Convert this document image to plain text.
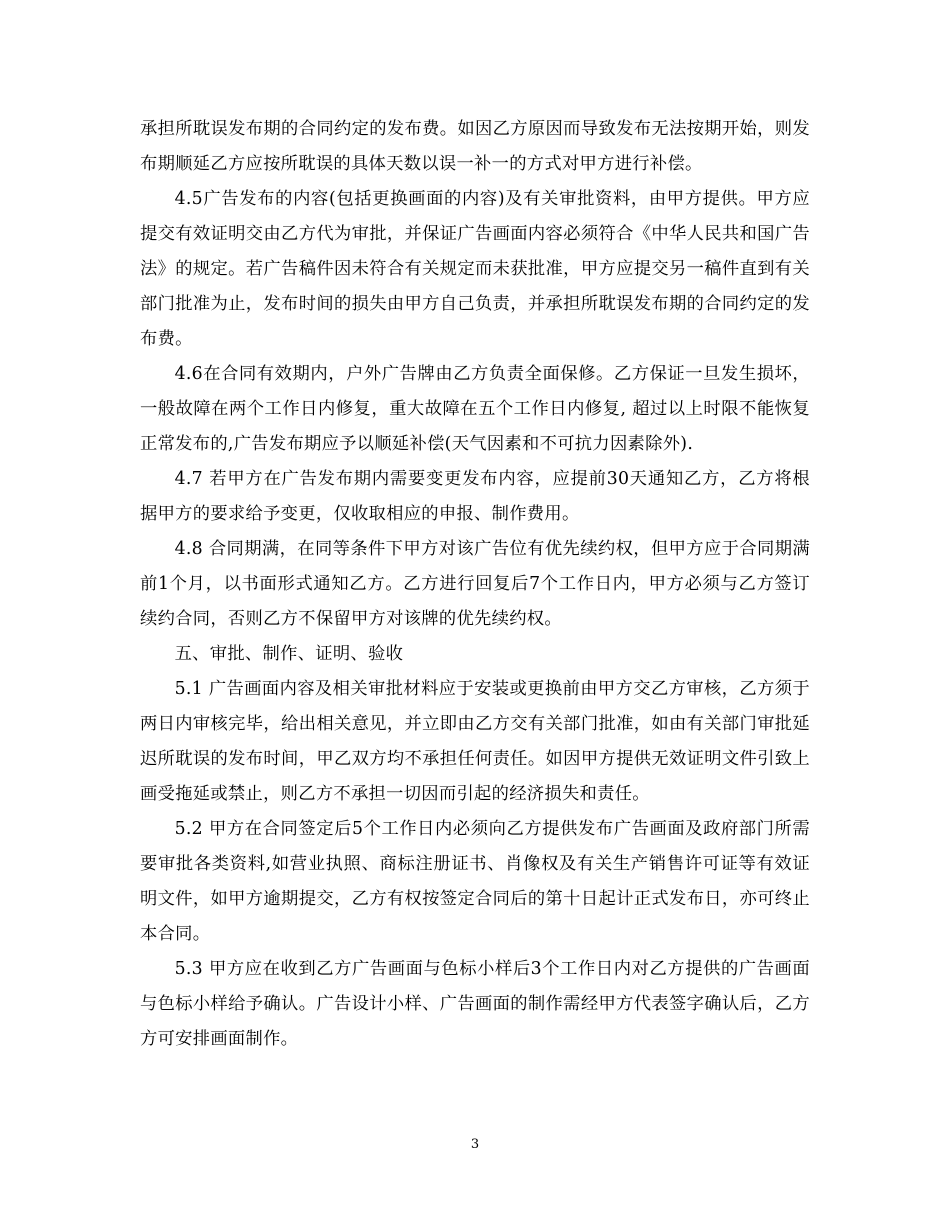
承担所耽误发布期的合同约定的发布费。如因乙方原因而导致发布无法按期开始，则发布期顺延乙方应按所耽误的具体天数以误一补一的方式对甲方进行补偿。

4.5广告发布的内容(包括更换画面的内容)及有关审批资料，由甲方提供。甲方应提交有效证明交由乙方代为审批，并保证广告画面内容必须符合《中华人民共和国广告法》的规定。若广告稿件因未符合有关规定而未获批准，甲方应提交另一稿件直到有关部门批准为止，发布时间的损失由甲方自己负责，并承担所耽误发布期的合同约定的发布费。

4.6在合同有效期内，户外广告牌由乙方负责全面保修。乙方保证一旦发生损坏，一般故障在两个工作日内修复，重大故障在五个工作日内修复, 超过以上时限不能恢复正常发布的,广告发布期应予以顺延补偿(天气因素和不可抗力因素除外).

4.7 若甲方在广告发布期内需要变更发布内容，应提前30天通知乙方，乙方将根据甲方的要求给予变更，仅收取相应的申报、制作费用。

4.8 合同期满，在同等条件下甲方对该广告位有优先续约权，但甲方应于合同期满前1个月，以书面形式通知乙方。乙方进行回复后7个工作日内，甲方必须与乙方签订续约合同，否则乙方不保留甲方对该牌的优先续约权。

五、审批、制作、证明、验收

5.1 广告画面内容及相关审批材料应于安装或更换前由甲方交乙方审核，乙方须于两日内审核完毕，给出相关意见，并立即由乙方交有关部门批准，如由有关部门审批延迟所耽误的发布时间，甲乙双方均不承担任何责任。如因甲方提供无效证明文件引致上画受拖延或禁止，则乙方不承担一切因而引起的经济损失和责任。

5.2 甲方在合同签定后5个工作日内必须向乙方提供发布广告画面及政府部门所需要审批各类资料,如营业执照、商标注册证书、肖像权及有关生产销售许可证等有效证明文件，如甲方逾期提交，乙方有权按签定合同后的第十日起计正式发布日，亦可终止本合同。

5.3 甲方应在收到乙方广告画面与色标小样后3个工作日内对乙方提供的广告画面与色标小样给予确认。广告设计小样、广告画面的制作需经甲方代表签字确认后，乙方方可安排画面制作。

3
